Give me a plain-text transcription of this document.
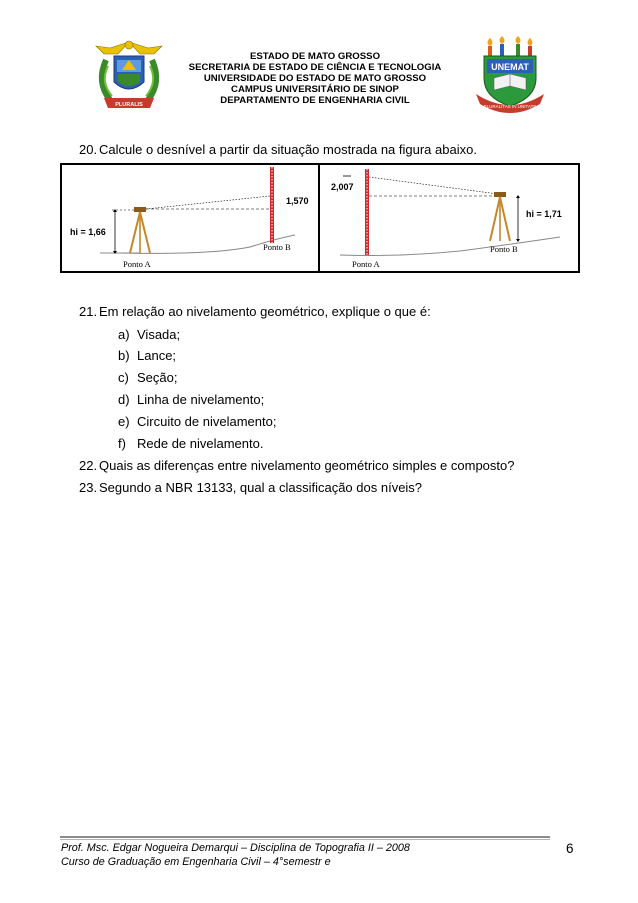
PLURALIS
ESTADO DE MATO GROSSO
SECRETARIA DE ESTADO DE CIÊNCIA E TECNOLOGIA
UNIVERSIDADE DO ESTADO DE MATO GROSSO
CAMPUS UNIVERSITÁRIO DE SINOP
DEPARTAMENTO DE ENGENHARIA CIVIL
UNEMAT
PLURALITAS IN UNITATE
20. Calcule o desnível a partir da situação mostrada na figura abaixo.
1,570
hi = 1,66
Ponto A
Ponto B
2,007
hi = 1,71
Ponto A
Ponto B
21. Em relação ao nivelamento geométrico, explique o que é:
a) Visada;
b) Lance;
c) Seção;
d) Linha de nivelamento;
e) Circuito de nivelamento;
f) Rede de nivelamento.
22. Quais as diferenças entre nivelamento geométrico simples e composto?
23. Segundo a NBR 13133, qual a classificação dos níveis?
Prof. Msc. Edgar Nogueira Demarqui – Disciplina de Topografia II – 2008
Curso de Graduação em Engenharia Civil – 4°semestr e
6
